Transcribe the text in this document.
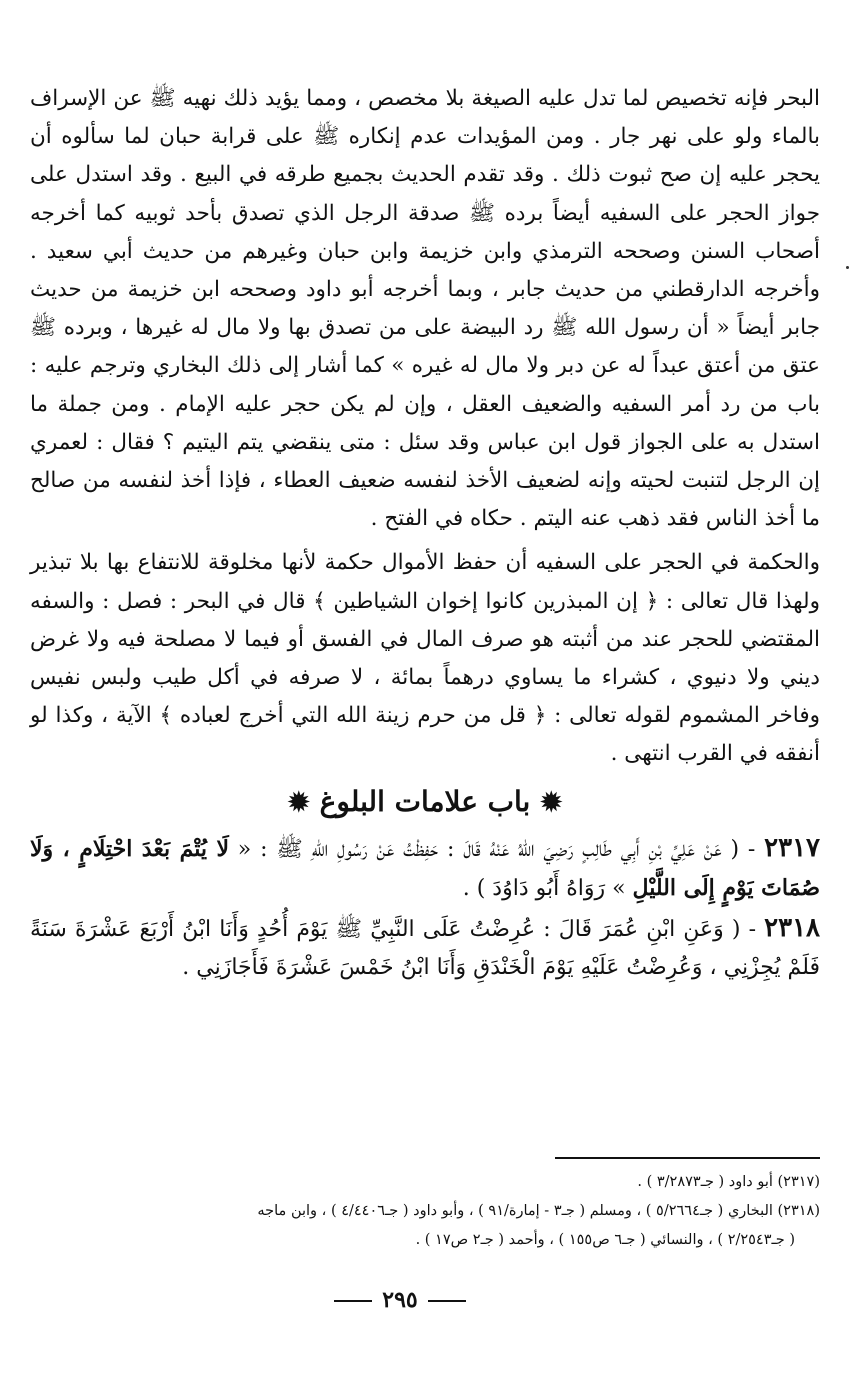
البحر فإنه تخصيص لما تدل عليه الصيغة بلا مخصص ، ومما يؤيد ذلك نهيه ﷺ عن الإسراف بالماء ولو على نهر جار . ومن المؤيدات عدم إنكاره ﷺ على قرابة حبان لما سألوه أن يحجر عليه إن صح ثبوت ذلك . وقد تقدم الحديث بجميع طرقه في البيع . وقد استدل على جواز الحجر على السفيه أيضاً برده ﷺ صدقة الرجل الذي تصدق بأحد ثوبيه كما أخرجه أصحاب السنن وصححه الترمذي وابن خزيمة وابن حبان وغيرهم من حديث أبي سعيد . وأخرجه الدارقطني من حديث جابر ، وبما أخرجه أبو داود وصححه ابن خزيمة من حديث جابر أيضاً « أن رسول الله ﷺ رد البيضة على من تصدق بها ولا مال له غيرها ، وبرده ﷺ عتق من أعتق عبداً له عن دبر ولا مال له غيره » كما أشار إلى ذلك البخاري وترجم عليه : باب من رد أمر السفيه والضعيف العقل ، وإن لم يكن حجر عليه الإمام . ومن جملة ما استدل به على الجواز قول ابن عباس وقد سئل : متى ينقضي يتم اليتيم ؟ فقال : لعمري إن الرجل لتنبت لحيته وإنه لضعيف الأخذ لنفسه ضعيف العطاء ، فإذا أخذ لنفسه من صالح ما أخذ الناس فقد ذهب عنه اليتم . حكاه في الفتح .

والحكمة في الحجر على السفيه أن حفظ الأموال حكمة لأنها مخلوقة للانتفاع بها بلا تبذير ولهذا قال تعالى : ﴿ إن المبذرين كانوا إخوان الشياطين ﴾ قال في البحر : فصل : والسفه المقتضي للحجر عند من أثبته هو صرف المال في الفسق أو فيما لا مصلحة فيه ولا غرض ديني ولا دنيوي ، كشراء ما يساوي درهماً بمائة ، لا صرفه في أكل طيب ولبس نفيس وفاخر المشموم لقوله تعالى : ﴿ قل من حرم زينة الله التي أخرج لعباده ﴾ الآية ، وكذا لو أنفقه في القرب انتهى .

✹باب علامات البلوغ✹

٢٣١٧ - ( عَنْ عَلِيِّ بْنِ أَبِي طَالِبٍ رَضِيَ اللهُ عَنْهُ قَالَ : حَفِظْتُ عَنْ رَسُولِ اللهِ ﷺ : « لَا يُتْمَ بَعْدَ احْتِلَامٍ ، وَلَا صُمَاتَ يَوْمٍ إِلَى اللَّيْلِ » رَوَاهُ أَبُو دَاوُدَ ) .

٢٣١٨ - ( وَعَنِ ابْنِ عُمَرَ قَالَ : عُرِضْتُ عَلَى النَّبِيِّ ﷺ يَوْمَ أُحُدٍ وَأَنَا ابْنُ أَرْبَعَ عَشْرَةَ سَنَةً فَلَمْ يُجِزْنِي ، وَعُرِضْتُ عَلَيْهِ يَوْمَ الْخَنْدَقِ وَأَنَا ابْنُ خَمْسَ عَشْرَةَ فَأَجَازَنِي .

(٢٣١٧) أبو داود ( جـ٣/٢٨٧٣ ) .
(٢٣١٨) البخاري ( جـ٥/٢٦٦٤ ) ، ومسلم ( جـ٣ - إمارة/٩١ ) ، وأبو داود ( جـ٤/٤٤٠٦ ) ، وابن ماجه
( جـ٢/٢٥٤٣ ) ، والنسائي ( جـ٦ ص١٥٥ ) ، وأحمد ( جـ٢ ص١٧ ) .
٢٩٥
